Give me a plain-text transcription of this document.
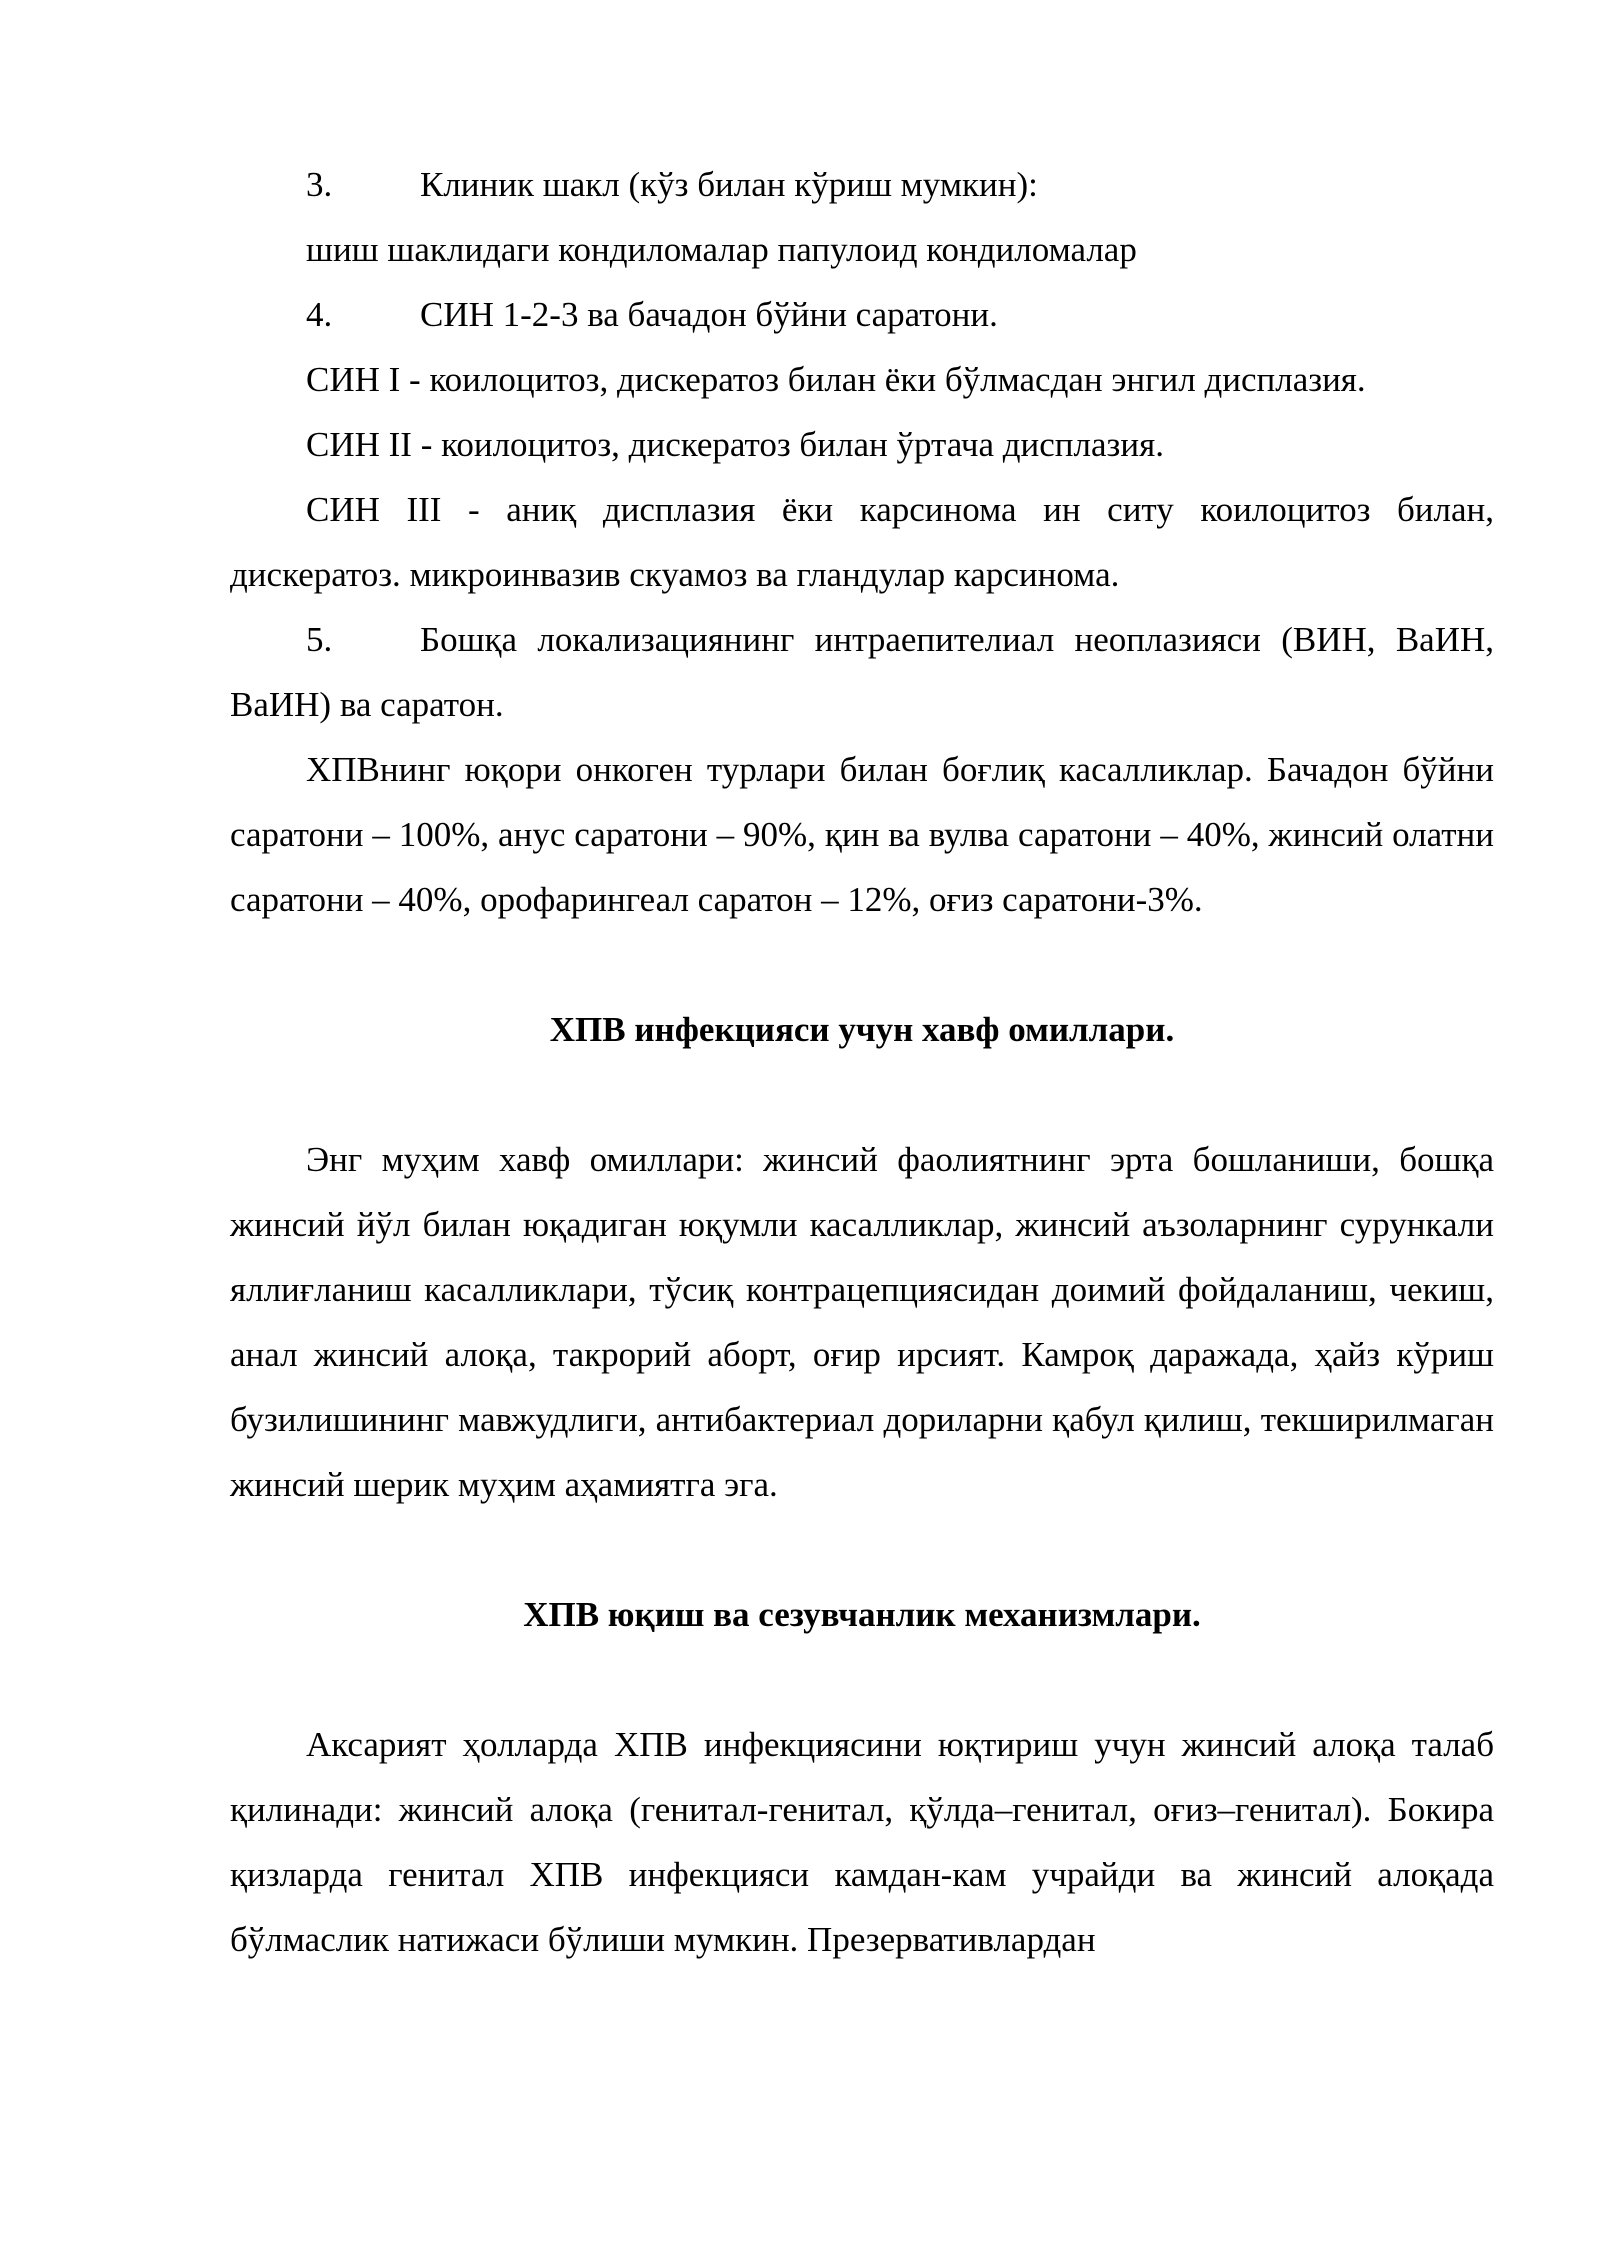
3.	Клиник шакл (кўз билан кўриш мумкин):

шиш шаклидаги кондиломалар папулоид кондиломалар

4.	СИН 1-2-3 ва бачадон бўйни саратони.

СИН I - коилоцитоз, дискератоз билан ёки бўлмасдан энгил дисплазия.

СИН II - коилоцитоз, дискератоз билан ўртача дисплазия.

СИН III - аниқ дисплазия ёки карсинома ин ситу коилоцитоз билан, дискератоз. микроинвазив скуамоз ва гландулар карсинома.

5.	Бошқа локализациянинг интраепителиал неоплазияси (ВИН, ВаИН, ВаИН) ва саратон.

ХПВнинг юқори онкоген турлари билан боғлиқ касалликлар. Бачадон бўйни саратони – 100%, анус саратони – 90%, қин ва вулва саратони – 40%, жинсий олатни саратони – 40%, орофарингеал саратон – 12%, оғиз саратони-3%.

ХПВ инфекцияси учун хавф омиллари.

Энг муҳим хавф омиллари: жинсий фаолиятнинг эрта бошланиши, бошқа жинсий йўл билан юқадиган юқумли касалликлар, жинсий аъзоларнинг сурункали яллиғланиш касалликлари, тўсиқ контрацепциясидан доимий фойдаланиш, чекиш, анал жинсий алоқа, такрорий аборт, оғир ирсият. Камроқ даражада, ҳайз кўриш бузилишининг мавжудлиги, антибактериал дориларни қабул қилиш, текширилмаган жинсий шерик муҳим аҳамиятга эга.

ХПВ юқиш ва сезувчанлик механизмлари.

Аксарият ҳолларда ХПВ инфекциясини юқтириш учун жинсий алоқа талаб қилинади: жинсий алоқа (генитал-генитал, қўлда–генитал, оғиз–генитал). Бокира қизларда генитал ХПВ инфекцияси камдан-кам учрайди ва жинсий алоқада бўлмаслик натижаси бўлиши мумкин. Презервативлардан
